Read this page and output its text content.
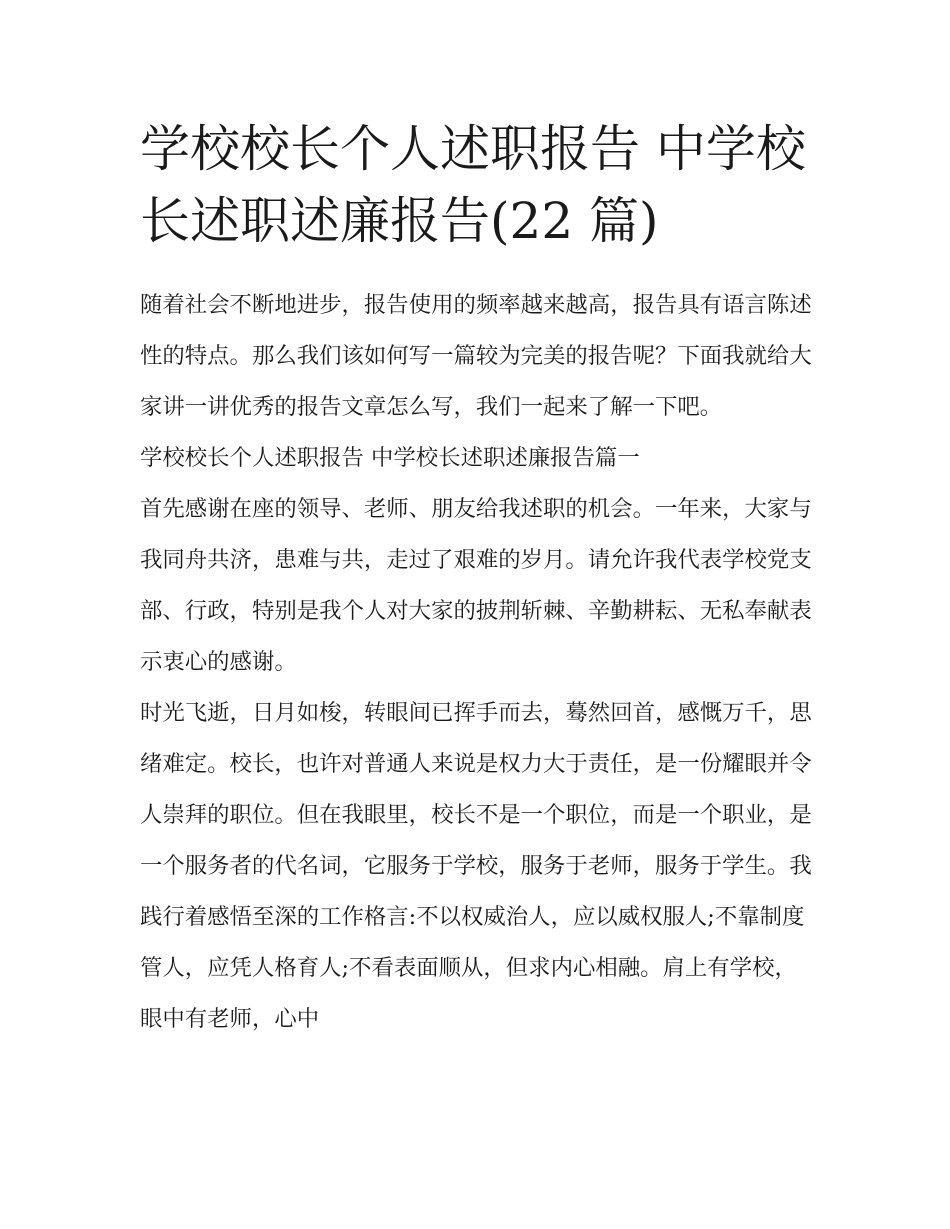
学校校长个人述职报告 中学校长述职述廉报告(22 篇)

随着社会不断地进步，报告使用的频率越来越高，报告具有语言陈述性的特点。那么我们该如何写一篇较为完美的报告呢？下面我就给大家讲一讲优秀的报告文章怎么写，我们一起来了解一下吧。

学校校长个人述职报告 中学校长述职述廉报告篇一

首先感谢在座的领导、老师、朋友给我述职的机会。一年来，大家与我同舟共济，患难与共，走过了艰难的岁月。请允许我代表学校党支部、行政，特别是我个人对大家的披荆斩棘、辛勤耕耘、无私奉献表示衷心的感谢。

时光飞逝，日月如梭，转眼间已挥手而去，蓦然回首，感慨万千，思绪难定。校长，也许对普通人来说是权力大于责任，是一份耀眼并令人崇拜的职位。但在我眼里，校长不是一个职位，而是一个职业，是一个服务者的代名词，它服务于学校，服务于老师，服务于学生。我践行着感悟至深的工作格言:不以权威治人，应以威权服人;不靠制度管人，应凭人格育人;不看表面顺从，但求内心相融。肩上有学校，眼中有老师，心中
